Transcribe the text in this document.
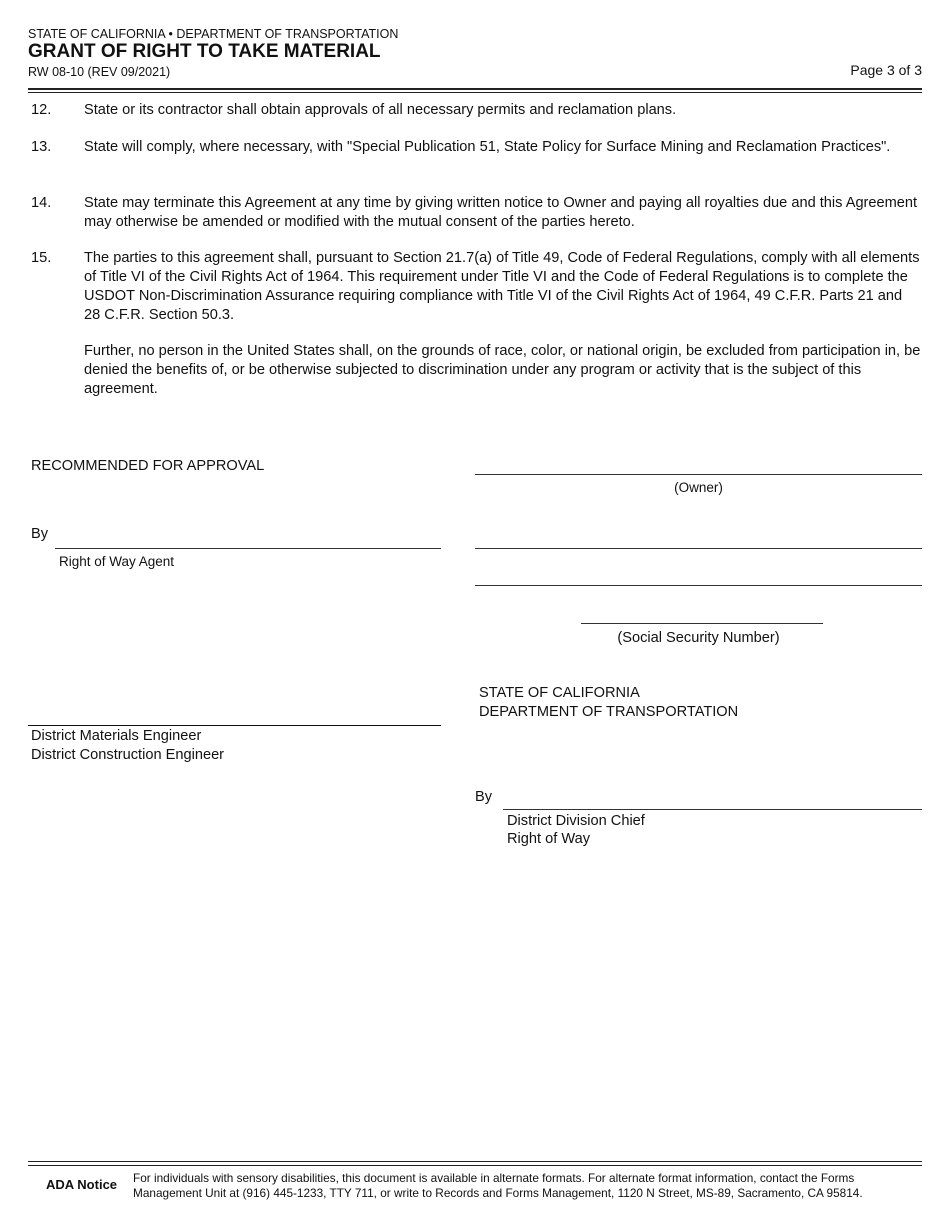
STATE OF CALIFORNIA • DEPARTMENT OF TRANSPORTATION
GRANT OF RIGHT TO TAKE MATERIAL
RW 08-10 (REV 09/2021)	Page 3 of 3
12. State or its contractor shall obtain approvals of all necessary permits and reclamation plans.
13. State will comply, where necessary, with "Special Publication 51, State Policy for Surface Mining and Reclamation Practices".
14. State may terminate this Agreement at any time by giving written notice to Owner and paying all royalties due and this Agreement may otherwise be amended or modified with the mutual consent of the parties hereto.
15. The parties to this agreement shall, pursuant to Section 21.7(a) of Title 49, Code of Federal Regulations, comply with all elements of Title VI of the Civil Rights Act of 1964. This requirement under Title VI and the Code of Federal Regulations is to complete the USDOT Non-Discrimination Assurance requiring compliance with Title VI of the Civil Rights Act of 1964, 49 C.F.R. Parts 21 and 28 C.F.R. Section 50.3.
Further, no person in the United States shall, on the grounds of race, color, or national origin, be excluded from participation in, be denied the benefits of, or be otherwise subjected to discrimination under any program or activity that is the subject of this agreement.
RECOMMENDED FOR APPROVAL
By
Right of Way Agent
District Materials Engineer
District Construction Engineer
(Owner)
(Social Security Number)
STATE OF CALIFORNIA
DEPARTMENT OF TRANSPORTATION
By
District Division Chief
Right of Way
ADA Notice For individuals with sensory disabilities, this document is available in alternate formats. For alternate format information, contact the Forms Management Unit at (916) 445-1233, TTY 711, or write to Records and Forms Management, 1120 N Street, MS-89, Sacramento, CA 95814.
